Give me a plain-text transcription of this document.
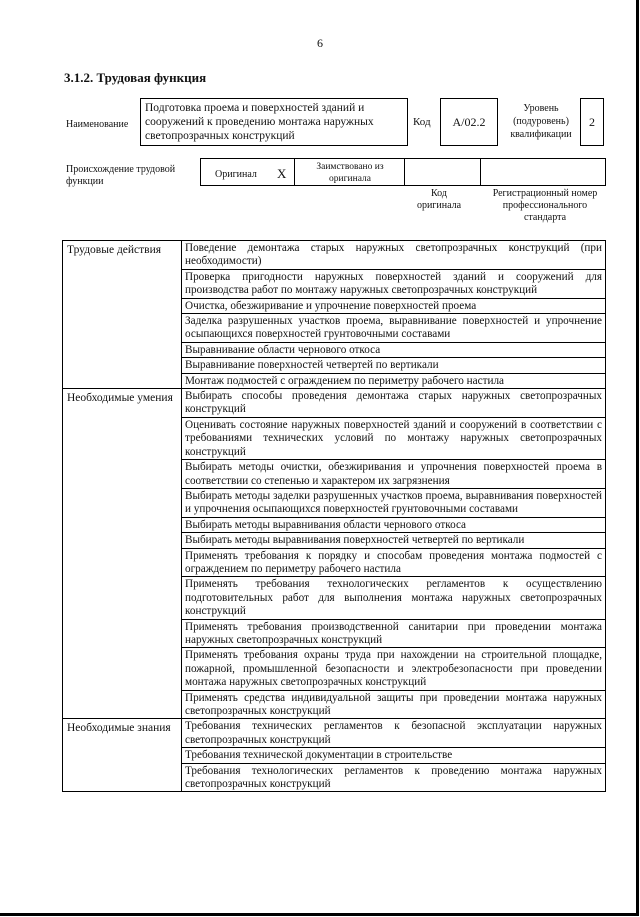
6
3.1.2. Трудовая функция
Наименование
Подготовка проема и поверхностей зданий и сооружений к проведению монтажа наружных светопрозрачных конструкций
Код	А/02.2
Уровень (подуровень) квалификации
2
Происхождение трудовой функции
Оригинал X	Заимствовано из оригинала
Код оригинала
Регистрационный номер профессионального стандарта
Трудовые действия	Поведение демонтажа старых наружных светопрозрачных конструкций (при необходимости)
	Проверка пригодности наружных поверхностей зданий и сооружений для производства работ по монтажу наружных светопрозрачных конструкций
	Очистка, обезжиривание и упрочнение поверхностей проема
	Заделка разрушенных участков проема, выравнивание поверхностей и упрочнение осыпающихся поверхностей грунтовочными составами
	Выравнивание области чернового откоса
	Выравнивание поверхностей четвертей по вертикали
	Монтаж подмостей с ограждением по периметру рабочего настила
Необходимые умения	Выбирать способы проведения демонтажа старых наружных светопрозрачных конструкций
	Оценивать состояние наружных поверхностей зданий и сооружений в соответствии с требованиями технических условий по монтажу наружных светопрозрачных конструкций
	Выбирать методы очистки, обезжиривания и упрочнения поверхностей проема в соответствии со степенью и характером их загрязнения
	Выбирать методы заделки разрушенных участков проема, выравнивания поверхностей и упрочнения осыпающихся поверхностей грунтовочными составами
	Выбирать методы выравнивания области чернового откоса
	Выбирать методы выравнивания поверхностей четвертей по вертикали
	Применять требования к порядку и способам проведения монтажа подмостей с ограждением по периметру рабочего настила
	Применять требования технологических регламентов к осуществлению подготовительных работ для выполнения монтажа наружных светопрозрачных конструкций
	Применять требования производственной санитарии при проведении монтажа наружных светопрозрачных конструкций
	Применять требования охраны труда при нахождении на строительной площадке, пожарной, промышленной безопасности и электробезопасности при проведении монтажа наружных светопрозрачных конструкций
	Применять средства индивидуальной защиты при проведении монтажа наружных светопрозрачных конструкций
Необходимые знания	Требования технических регламентов к безопасной эксплуатации наружных светопрозрачных конструкций
	Требования технической документации в строительстве
	Требования технологических регламентов к проведению монтажа наружных светопрозрачных конструкций
